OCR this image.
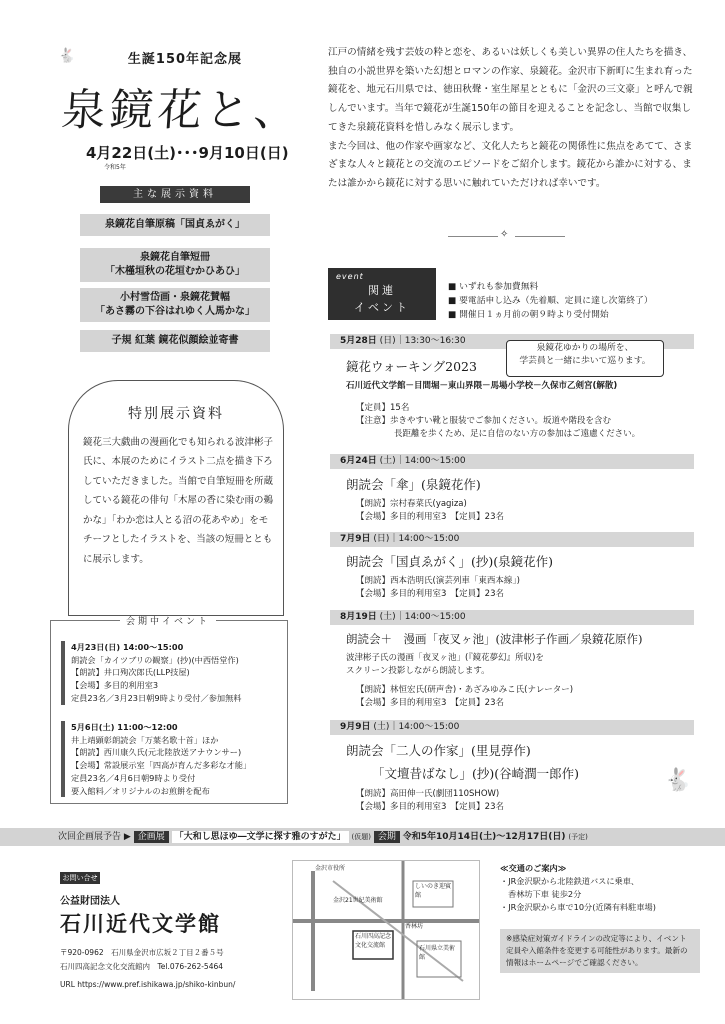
🐇	生誕150年記念展
泉鏡花と、
4月22日(土)･･･9月10日(日)
令和5年
主な展示資料
泉鏡花自筆原稿「国貞ゑがく」
泉鏡花自筆短冊
「木槿垣秋の花垣むかひあひ」
小村雪岱画・泉鏡花賛幅
「あさ霧の下谷はれゆく人馬かな」
子規 紅葉 鏡花似顔絵並寄書
特別展示資料
鏡花三大戯曲の漫画化でも知られる波津彬子氏に、本展のためにイラスト二点を描き下ろしていただきました。当館で自筆短冊を所蔵している鏡花の俳句「木犀の香に染む雨の鵜かな」「わか恋は人とる沼の花あやめ」をモチーフとしたイラストを、当該の短冊とともに展示します。
4月23日(日) 14:00〜15:00
朗読会「カイツブリの観察」(抄)(中西悟堂作)
【朗読】井口殉次郎氏(LLP技屋)
【会場】多目的利用室3
定員23名／3月23日朝9時より受付／参加無料
5月6日(土) 11:00〜12:00
井上靖顕彰朗読会「万葉名歌十首」ほか
【朗読】西川康久氏(元北陸放送アナウンサー)
【会場】常設展示室「四高が育んだ多彩な才能」
定員23名／4月6日朝9時より受付
要入館料／オリジナルのお煎餅を配布
会期中イベント
江戸の情緒を残す芸妓の粋と恋を、あるいは妖しくも美しい異界の住人たちを描き、独自の小説世界を築いた幻想とロマンの作家、泉鏡花。金沢市下新町に生まれ育った鏡花を、地元石川県では、徳田秋聲・室生犀星とともに「金沢の三文豪」と呼んで親しんでいます。当年で鏡花が生誕150年の節目を迎えることを記念し、当館で収集してきた泉鏡花資料を惜しみなく展示します。
また今回は、他の作家や画家など、文化人たちと鏡花の関係性に焦点をあてて、さまざまな人々と鏡花との交流のエピソードをご紹介します。鏡花から誰かに対する、または誰かから鏡花に対する思いに触れていただければ幸いです。
✧
event
関連
イベント
■ いずれも参加費無料
■ 要電話申し込み（先着順、定員に達し次第終了）
■ 開催日１ヵ月前の朝９時より受付開始
5月28日 (日)｜13:30〜16:30
泉鏡花ゆかりの場所を、
学芸員と一緒に歩いて巡ります。
鏡花ウォーキング2023
石川近代文学館－目間堀－東山界隈－馬場小学校－久保市乙剣宮(解散)
【定員】15名
【注意】歩きやすい靴と服装でご参加ください。坂道や階段を含む
長距離を歩くため、足に自信のない方の参加はご遠慮ください。
6月24日 (土)｜14:00〜15:00
朗読会「傘」(泉鏡花作)
【朗読】宗村春菜氏(yagiza)
【会場】多目的利用室3　【定員】23名
7月9日 (日)｜14:00〜15:00
朗読会「国貞ゑがく」(抄)(泉鏡花作)
【朗読】西本浩明氏(演芸列車「東西本線」)
【会場】多目的利用室3　【定員】23名
8月19日 (土)｜14:00〜15:00
朗読会＋　漫画「夜叉ヶ池」(波津彬子作画／泉鏡花原作)
波津彬子氏の漫画「夜叉ヶ池」(『鏡花夢幻』所収)を
スクリーン投影しながら朗読します。
【朗読】林恒宏氏(研声舎)・あざみゆみこ氏(ナレーター)
【会場】多目的利用室3　【定員】23名
9月9日 (土)｜14:00〜15:00
朗読会「二人の作家」(里見弴作)
「文壇昔ばなし」(抄)(谷崎潤一郎作)
【朗読】高田伸一氏(劇団110SHOW)
【会場】多目的利用室3　【定員】23名
🐇
次回企画展予告 ▶ 企画展 「大和し思ほゆ―文学に探す雅のすがた」 (仮題) 会期 令和5年10月14日(土)〜12月17日(日) (予定)
お問い合せ
公益財団法人
石川近代文学館
〒920-0962　石川県金沢市広坂２丁目２番５号
石川四高記念文化交流館内　Tel.076-262-5464
URL https://www.pref.ishikawa.jp/shiko-kinbun/
金沢市役所
金沢21世紀美術館
石川四高記念文化交流館
香林坊
しいのき迎賓館
石川県立美術館
≪交通のご案内≫
・JR金沢駅から北陸鉄道バスに乗車、
香林坊下車 徒歩2分
・JR金沢駅から車で10分(近隣有料駐車場)
※感染症対策ガイドラインの改定等により、イベント定員や入館条件を変更する可能性があります。最新の情報はホームページでご確認ください。
